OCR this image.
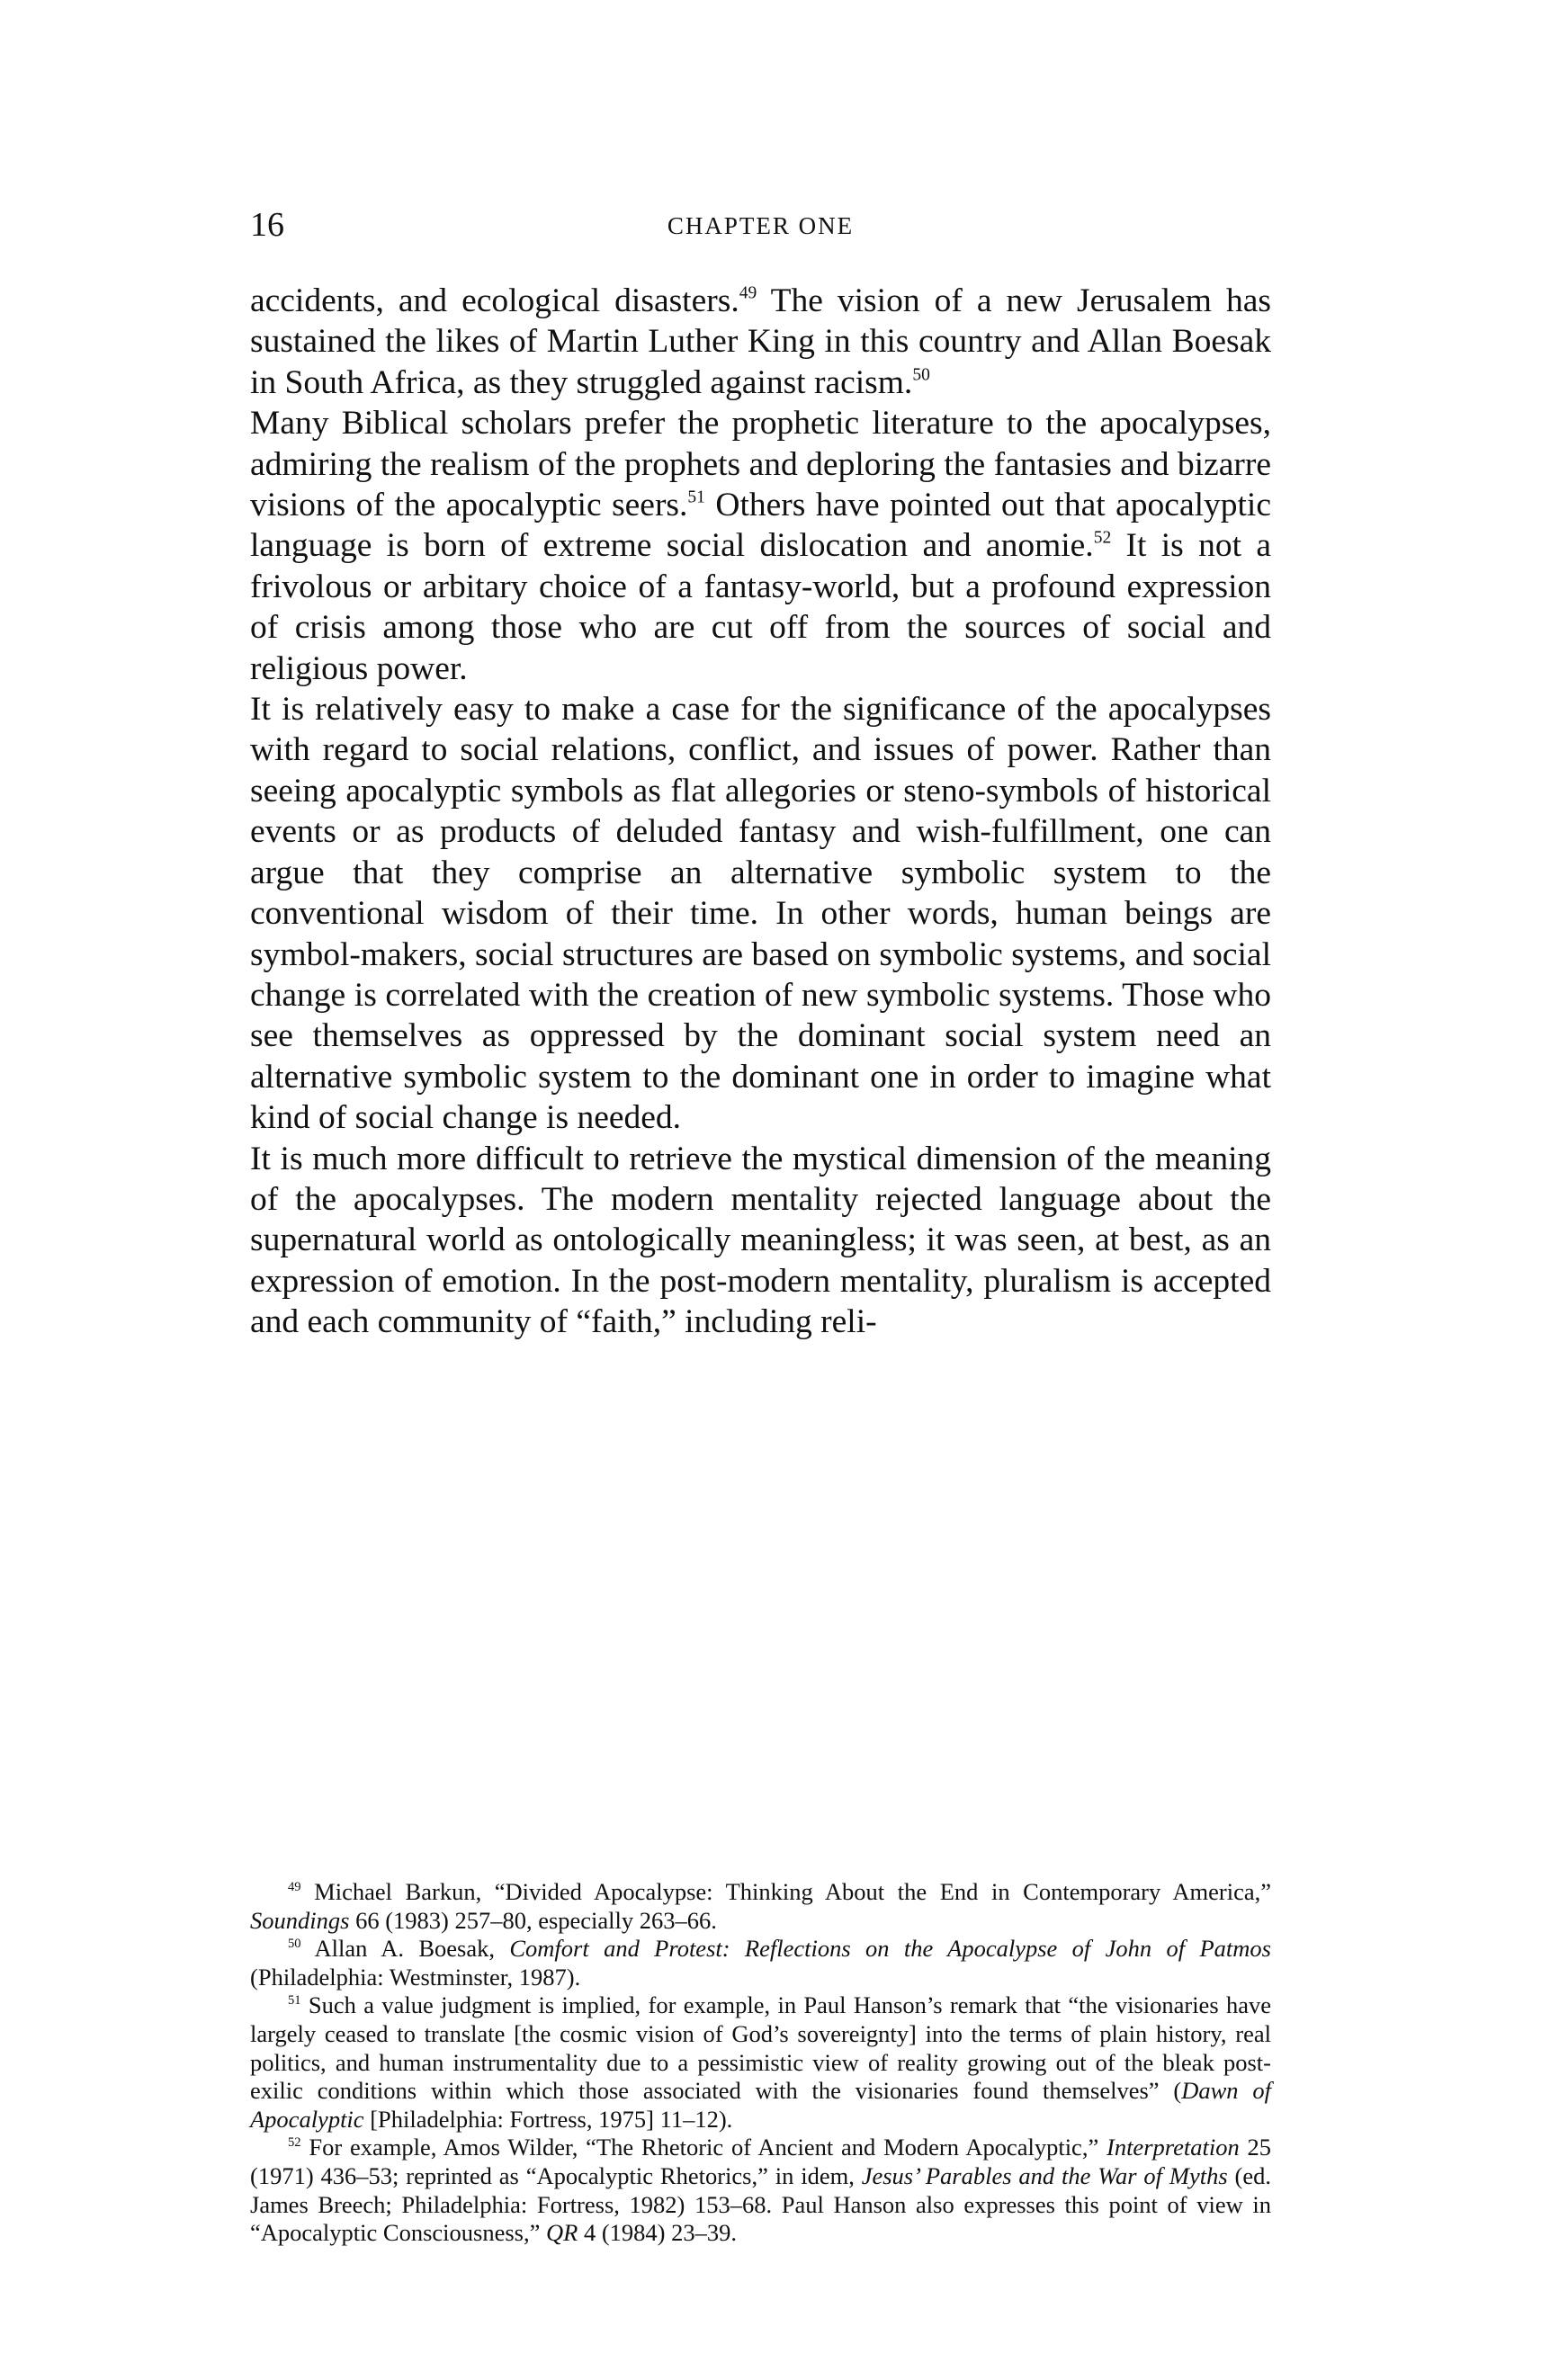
16	CHAPTER ONE

accidents, and ecological disasters.$^{49}$ The vision of a new Jerusalem has sustained the likes of Martin Luther King in this country and Allan Boesak in South Africa, as they struggled against racism.$^{50}$

Many Biblical scholars prefer the prophetic literature to the apocalypses, admiring the realism of the prophets and deploring the fantasies and bizarre visions of the apocalyptic seers.$^{51}$ Others have pointed out that apocalyptic language is born of extreme social dislocation and anomie.$^{52}$ It is not a frivolous or arbitary choice of a fantasy-world, but a profound expression of crisis among those who are cut off from the sources of social and religious power.

It is relatively easy to make a case for the significance of the apocalypses with regard to social relations, conflict, and issues of power. Rather than seeing apocalyptic symbols as flat allegories or steno-symbols of historical events or as products of deluded fantasy and wish-fulfillment, one can argue that they comprise an alternative symbolic system to the conventional wisdom of their time. In other words, human beings are symbol-makers, social structures are based on symbolic systems, and social change is correlated with the creation of new symbolic systems. Those who see themselves as oppressed by the dominant social system need an alternative symbolic system to the dominant one in order to imagine what kind of social change is needed.

It is much more difficult to retrieve the mystical dimension of the meaning of the apocalypses. The modern mentality rejected language about the supernatural world as ontologically meaningless; it was seen, at best, as an expression of emotion. In the post-modern mentality, pluralism is accepted and each community of “faith,” including reli-

$^{49}$ Michael Barkun, “Divided Apocalypse: Thinking About the End in Contemporary America,” Soundings 66 (1983) 257–80, especially 263–66.

$^{50}$ Allan A. Boesak, Comfort and Protest: Reflections on the Apocalypse of John of Patmos (Philadelphia: Westminster, 1987).

$^{51}$ Such a value judgment is implied, for example, in Paul Hanson’s remark that “the visionaries have largely ceased to translate [the cosmic vision of God’s sovereignty] into the terms of plain history, real politics, and human instrumentality due to a pessimistic view of reality growing out of the bleak post-exilic conditions within which those associated with the visionaries found themselves” (Dawn of Apocalyptic [Philadelphia: Fortress, 1975] 11–12).

$^{52}$ For example, Amos Wilder, “The Rhetoric of Ancient and Modern Apocalyptic,” Interpretation 25 (1971) 436–53; reprinted as “Apocalyptic Rhetorics,” in idem, Jesus’ Parables and the War of Myths (ed. James Breech; Philadelphia: Fortress, 1982) 153–68. Paul Hanson also expresses this point of view in “Apocalyptic Consciousness,” QR 4 (1984) 23–39.
